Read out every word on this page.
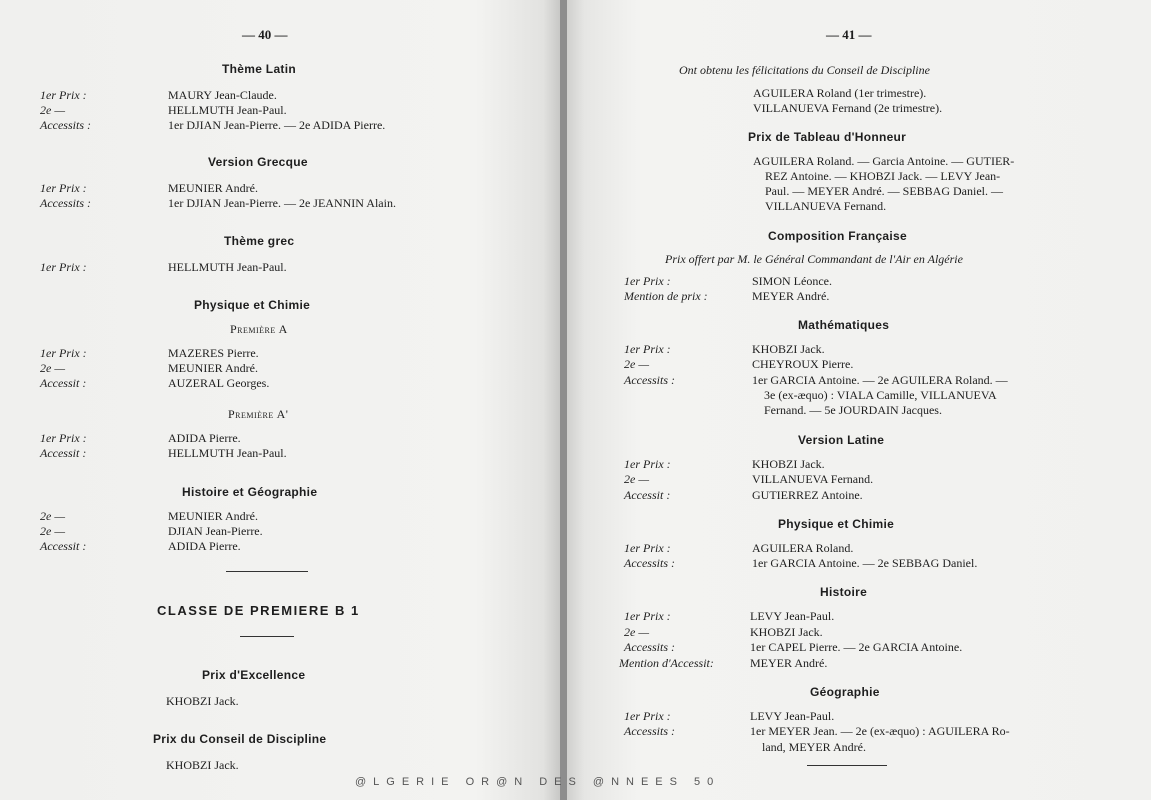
— 40 —
Thème Latin
1er Prix :	MAURY Jean-Claude.
2e —	HELLMUTH Jean-Paul.
Accessits :	1er DJIAN Jean-Pierre. — 2e ADIDA Pierre.
Version Grecque
1er Prix :	MEUNIER André.
Accessits :	1er DJIAN Jean-Pierre. — 2e JEANNIN Alain.
Thème grec
1er Prix :	HELLMUTH Jean-Paul.
Physique et Chimie
Première A
1er Prix :	MAZERES Pierre.
2e —	MEUNIER André.
Accessit :	AUZERAL Georges.
Première A'
1er Prix :	ADIDA Pierre.
Accessit :	HELLMUTH Jean-Paul.
Histoire et Géographie
2e —	MEUNIER André.
2e —	DJIAN Jean-Pierre.
Accessit :	ADIDA Pierre.
CLASSE DE PREMIERE B 1
Prix d'Excellence
KHOBZI Jack.
Prix du Conseil de Discipline
KHOBZI Jack.
— 41 —
Ont obtenu les félicitations du Conseil de Discipline
AGUILERA Roland (1er trimestre).
VILLANUEVA Fernand (2e trimestre).
Prix de Tableau d'Honneur
AGUILERA Roland. — Garcia Antoine. — GUTIER-
REZ Antoine. — KHOBZI Jack. — LEVY Jean-
Paul. — MEYER André. — SEBBAG Daniel. —
VILLANUEVA Fernand.
Composition Française
Prix offert par M. le Général Commandant de l'Air en Algérie
1er Prix :	SIMON Léonce.
Mention de prix :	MEYER André.
Mathématiques
1er Prix :	KHOBZI Jack.
2e —	CHEYROUX Pierre.
Accessits :	1er GARCIA Antoine. — 2e AGUILERA Roland. —
3e (ex-æquo) : VIALA Camille, VILLANUEVA
Fernand. — 5e JOURDAIN Jacques.
Version Latine
1er Prix :	KHOBZI Jack.
2e —	VILLANUEVA Fernand.
Accessit :	GUTIERREZ Antoine.
Physique et Chimie
1er Prix :	AGUILERA Roland.
Accessits :	1er GARCIA Antoine. — 2e SEBBAG Daniel.
Histoire
1er Prix :	LEVY Jean-Paul.
2e —	KHOBZI Jack.
Accessits :	1er CAPEL Pierre. — 2e GARCIA Antoine.
Mention d'Accessit:	MEYER André.
Géographie
1er Prix :	LEVY Jean-Paul.
Accessits :	1er MEYER Jean. — 2e (ex-æquo) : AGUILERA Ro-
land, MEYER André.
@LGERIE OR@N DES @NNEES 50
